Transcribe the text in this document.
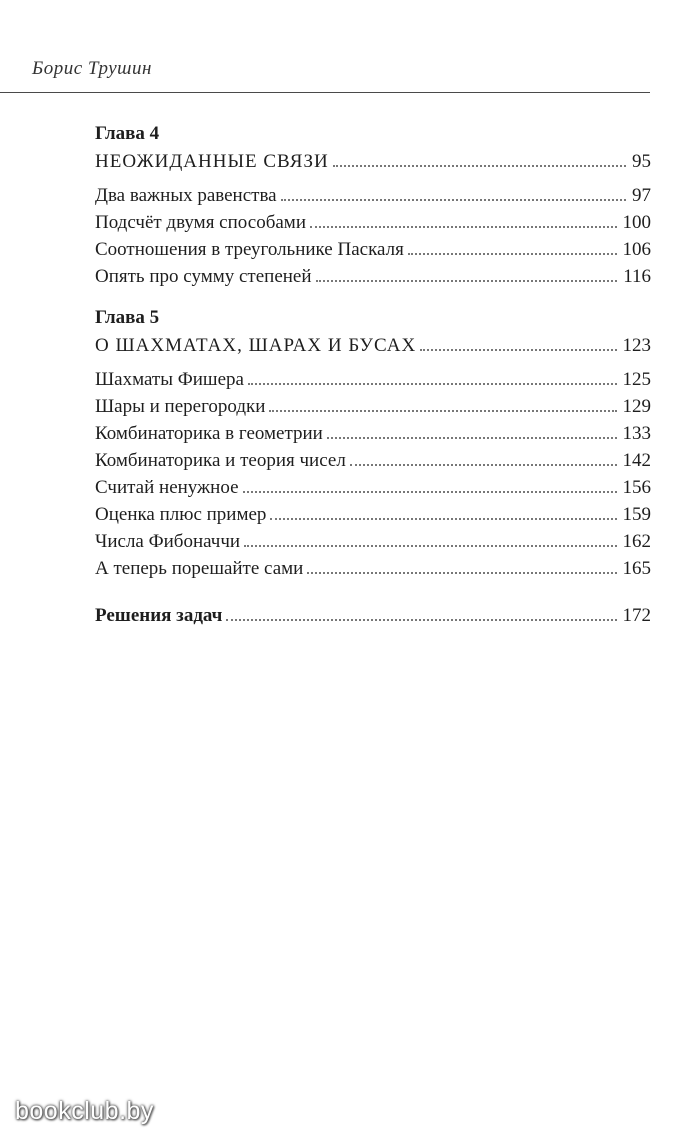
Борис Трушин
Глава 4
НЕОЖИДАННЫЕ СВЯЗИ	95
Два важных равенства	97
Подсчёт двумя способами	100
Соотношения в треугольнике Паскаля	106
Опять про сумму степеней	116
Глава 5
О ШАХМАТАХ, ШАРАХ И БУСАХ	123
Шахматы Фишера	125
Шары и перегородки	129
Комбинаторика в геометрии	133
Комбинаторика и теория чисел	142
Считай ненужное	156
Оценка плюс пример	159
Числа Фибоначчи	162
А теперь порешайте сами	165
Решения задач	172
bookclub.by
